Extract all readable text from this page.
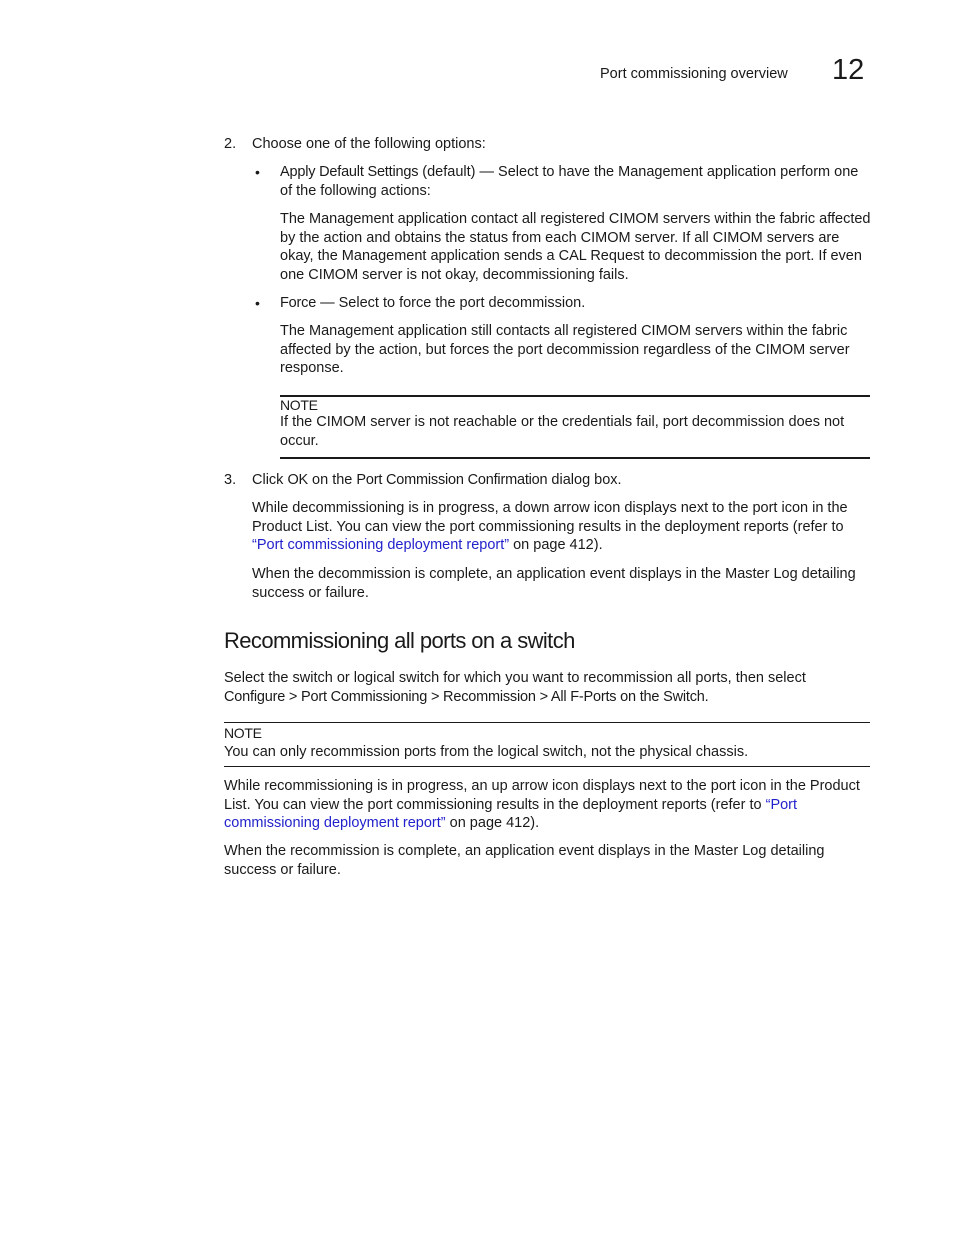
Port commissioning overview 12
2. Choose one of the following options:

• Apply Default Settings (default) — Select to have the Management application perform one of the following actions:

The Management application contact all registered CIMOM servers within the fabric affected by the action and obtains the status from each CIMOM server. If all CIMOM servers are okay, the Management application sends a CAL Request to decommission the port. If even one CIMOM server is not okay, decommissioning fails.

• Force — Select to force the port decommission.

The Management application still contacts all registered CIMOM servers within the fabric affected by the action, but forces the port decommission regardless of the CIMOM server response.

NOTE

If the CIMOM server is not reachable or the credentials fail, port decommission does not occur.

3. Click OK on the Port Commission Confirmation dialog box.

While decommissioning is in progress, a down arrow icon displays next to the port icon in the Product List. You can view the port commissioning results in the deployment reports (refer to “Port commissioning deployment report” on page 412).

When the decommission is complete, an application event displays in the Master Log detailing success or failure.

Recommissioning all ports on a switch

Select the switch or logical switch for which you want to recommission all ports, then select Configure > Port Commissioning > Recommission > All F-Ports on the Switch.

NOTE

You can only recommission ports from the logical switch, not the physical chassis.

While recommissioning is in progress, an up arrow icon displays next to the port icon in the Product List. You can view the port commissioning results in the deployment reports (refer to “Port commissioning deployment report” on page 412).

When the recommission is complete, an application event displays in the Master Log detailing success or failure.
